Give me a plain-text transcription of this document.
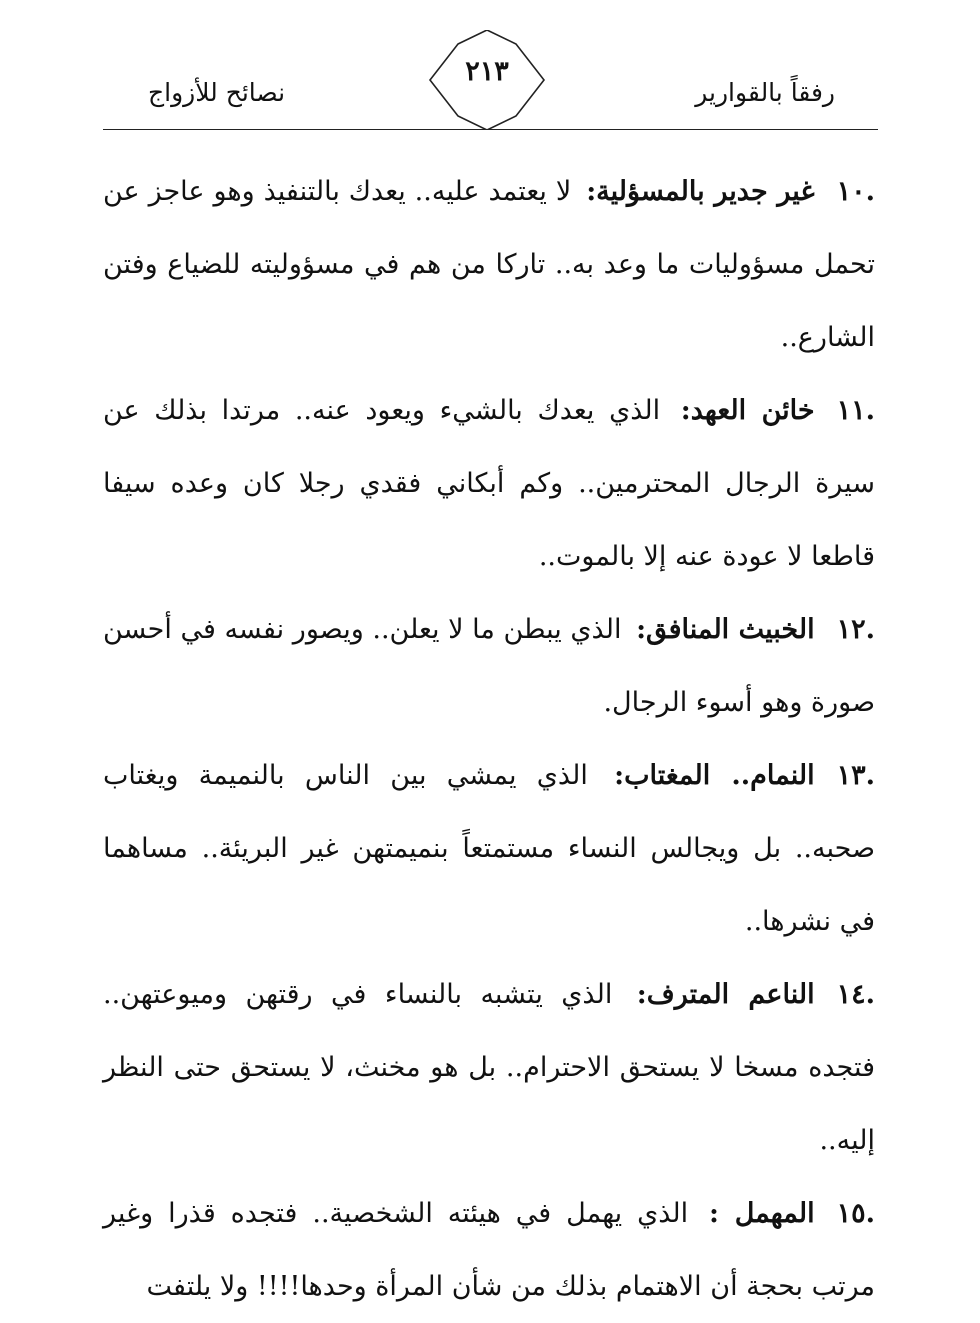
رفقاً بالقوارير
٢١٣
نصائح للأزواج

.١٠غير جدير بالمسؤلية: لا يعتمد عليه.. يعدك بالتنفيذ وهو عاجز عن تحمل مسؤوليات ما وعد به.. تاركا من هم في مسؤوليته للضياع وفتن الشارع..

.١١خائن العهد: الذي يعدك بالشيء ويعود عنه.. مرتدا بذلك عن سيرة الرجال المحترمين.. وكم أبكاني فقدي رجلا كان وعده سيفا قاطعا لا عودة عنه إلا بالموت..

.١٢الخبيث المنافق: الذي يبطن ما لا يعلن.. ويصور نفسه في أحسن صورة وهو أسوء الرجال.

.١٣النمام.. المغتاب: الذي يمشي بين الناس بالنميمة ويغتاب صحبه.. بل ويجالس النساء مستمتعاً بنميمتهن غير البريئة.. مساهما في نشرها..

.١٤الناعم المترف: الذي يتشبه بالنساء في رقتهن وميوعتهن.. فتجده مسخا لا يستحق الاحترام.. بل هو مخنث، لا يستحق حتى النظر إليه..

.١٥المهمل : الذي يهمل في هيئته الشخصية.. فتجده قذرا وغير مرتب بحجة أن الاهتمام بذلك من شأن المرأة وحدها!!!! ولا يلتفت
